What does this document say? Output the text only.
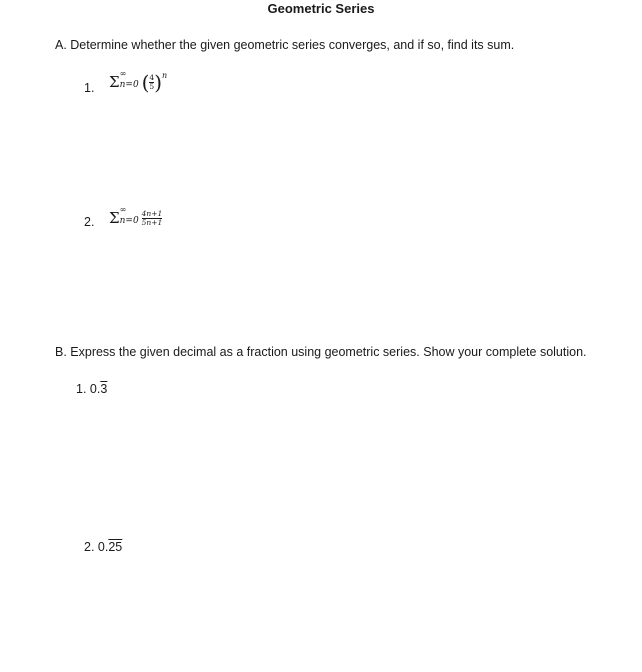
Geometric Series
A. Determine whether the given geometric series converges, and if so, find its sum.
1. Σ ∞
n=0 ( $\frac{4}{5} )^n$
2. Σ ∞
$n=0 \frac{4n+1}{5n+1}$
B. Express the given decimal as a fraction using geometric series. Show your complete solution.
1. 0.3
2. 0.25
